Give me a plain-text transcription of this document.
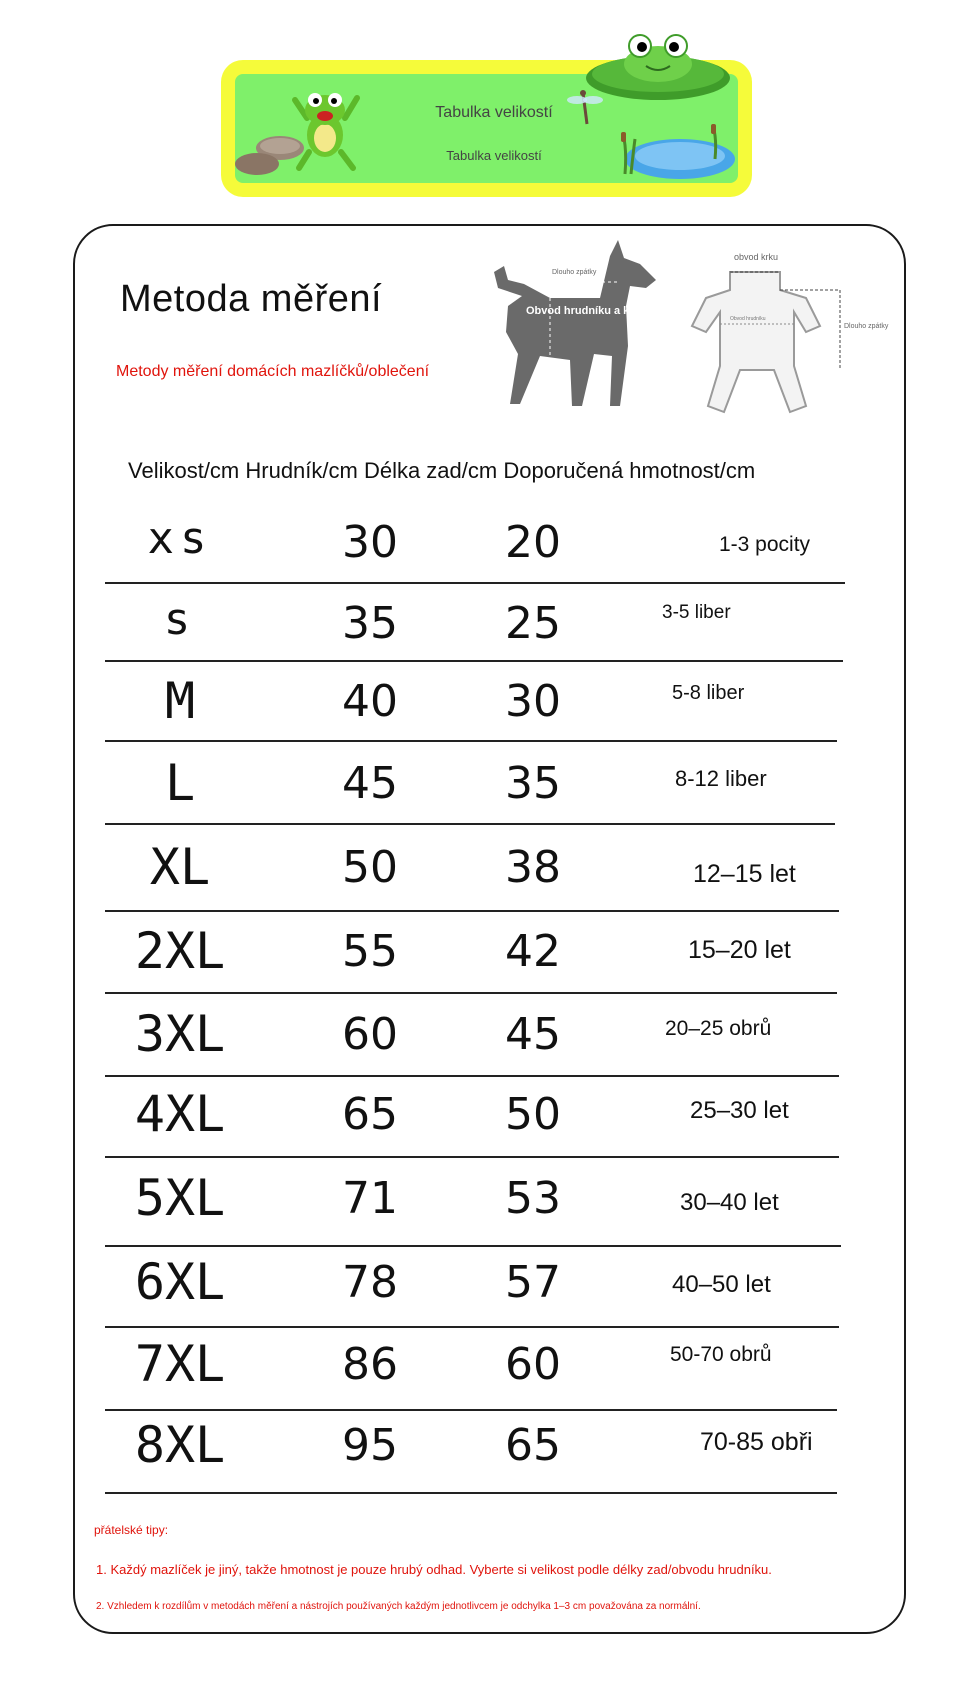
Tabulka velikostí
Tabulka velikostí
Metoda měření
Metody měření domácích mazlíčků/oblečení
Dlouho zpátky
Obvod hrudníku a krku
obvod krku
Obvod hrudníku
Dlouho zpátky
Velikost/cm Hrudník/cm Délka zad/cm Doporučená hmotnost/cm
xs	30	20	1-3 pocity
s	35	25	3-5 liber
M	40	30	5-8 liber
L	45	35	8-12 liber
XL	50	38	12–15 let
2XL	55	42	15–20 let
3XL	60	45	20–25 obrů
4XL	65	50	25–30 let
5XL	71	53	30–40 let
6XL	78	57	40–50 let
7XL	86	60	50-70 obrů
8XL	95	65	70-85 obři
přátelské tipy:
1. Každý mazlíček je jiný, takže hmotnost je pouze hrubý odhad. Vyberte si velikost podle délky zad/obvodu hrudníku.
2. Vzhledem k rozdílům v metodách měření a nástrojích používaných každým jednotlivcem je odchylka 1–3 cm považována za normální.
